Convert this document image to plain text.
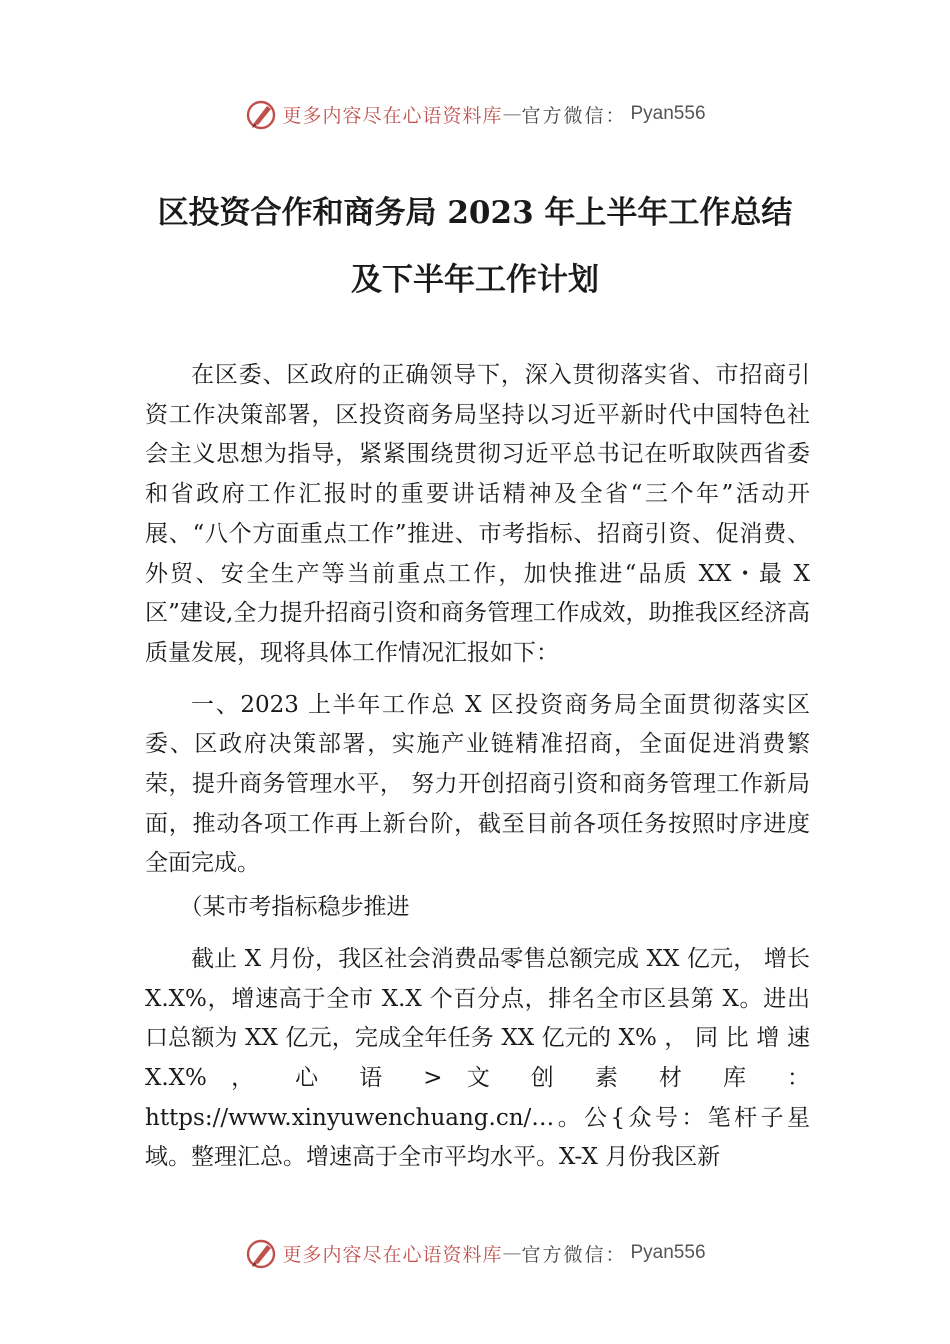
更多内容尽在心语资料库 — 官方微信： Pyan556
区投资合作和商务局 2023 年上半年工作总结及下半年工作计划

在区委、区政府的正确领导下，深入贯彻落实省、市招商引资工作决策部署，区投资商务局坚持以习近平新时代中国特色社会主义思想为指导，紧紧围绕贯彻习近平总书记在听取陕西省委和省政府工作汇报时的重要讲话精神及全省“三个年”活动开展、“八个方面重点工作”推进、市考指标、招商引资、促消费、外贸、安全生产等当前重点工作，加快推进“品质 XX・最 X 区”建设,全力提升招商引资和商务管理工作成效，助推我区经济高质量发展，现将具体工作情况汇报如下：

一、2023 上半年工作总 X 区投资商务局全面贯彻落实区委、区政府决策部署，实施产业链精准招商，全面促进消费繁荣，提升商务管理水平， 努力开创招商引资和商务管理工作新局面，推动各项工作再上新台阶，截至目前各项任务按照时序进度全面完成。

（某市考指标稳步推进

截止 X 月份，我区社会消费品零售总额完成 XX 亿元， 增长 X.X%，增速高于全市 X.X 个百分点，排名全市区县第 X。进出口总额为 XX 亿元，完成全年任务 XX 亿元的 X% ， 同 比 增 速 X.X% ， 心 语 > 文 创 素 材 库 ：https://www.xinyuwenchuang.cn/…。公{众号：笔杆子星域。整理汇总。增速高于全市平均水平。X-X 月份我区新

更多内容尽在心语资料库 — 官方微信： Pyan556
